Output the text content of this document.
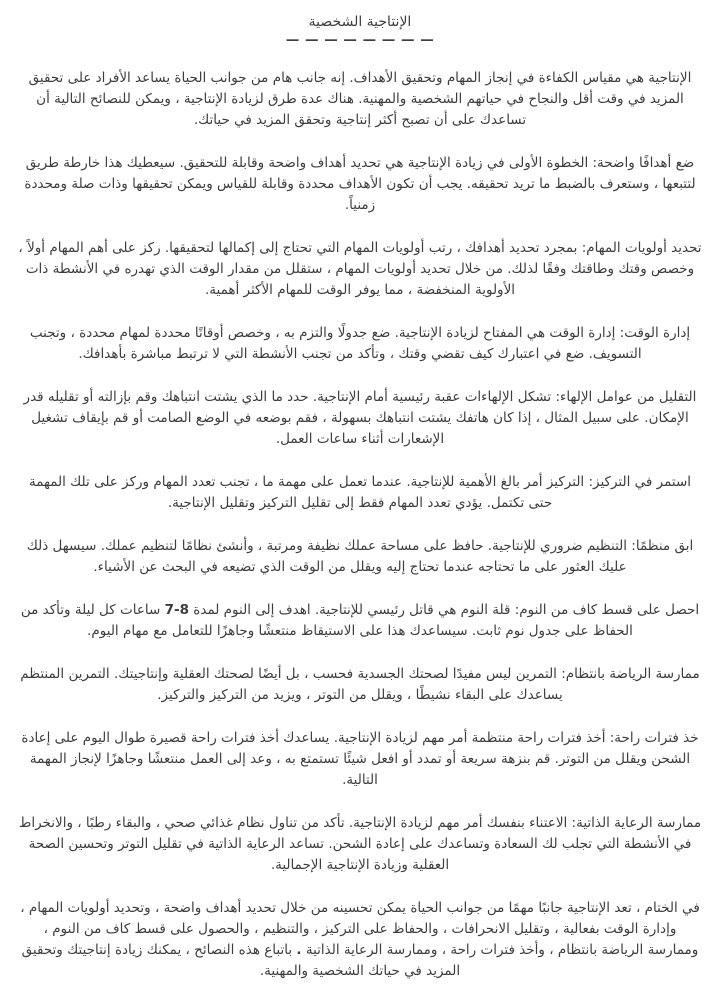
الإنتاجية الشخصية
— — — — — — — —

الإنتاجية هي مقياس الكفاءة في إنجاز المهام وتحقيق الأهداف. إنه جانب هام من جوانب الحياة يساعد الأفراد على تحقيق المزيد في وقت أقل والنجاح في حياتهم الشخصية والمهنية. هناك عدة طرق لزيادة الإنتاجية ، ويمكن للنصائح التالية أن تساعدك على أن تصبح أكثر إنتاجية وتحقق المزيد في حياتك.

ضع أهدافًا واضحة: الخطوة الأولى في زيادة الإنتاجية هي تحديد أهداف واضحة وقابلة للتحقيق. سيعطيك هذا خارطة طريق لتتبعها ، وستعرف بالضبط ما تريد تحقيقه. يجب أن تكون الأهداف محددة وقابلة للقياس ويمكن تحقيقها وذات صلة ومحددة زمنياً.

تحديد أولويات المهام: بمجرد تحديد أهدافك ، رتب أولويات المهام التي تحتاج إلى إكمالها لتحقيقها. ركز على أهم المهام أولاً ، وخصص وقتك وطاقتك وفقًا لذلك. من خلال تحديد أولويات المهام ، ستقلل من مقدار الوقت الذي تهدره في الأنشطة ذات الأولوية المنخفضة ، مما يوفر الوقت للمهام الأكثر أهمية.

إدارة الوقت: إدارة الوقت هي المفتاح لزيادة الإنتاجية. ضع جدولًا والتزم به ، وخصص أوقاتًا محددة لمهام محددة ، وتجنب التسويف. ضع في اعتبارك كيف تقضي وقتك ، وتأكد من تجنب الأنشطة التي لا ترتبط مباشرة بأهدافك.

التقليل من عوامل الإلهاء: تشكل الإلهاءات عقبة رئيسية أمام الإنتاجية. حدد ما الذي يشتت انتباهك وقم بإزالته أو تقليله قدر الإمكان. على سبيل المثال ، إذا كان هاتفك يشتت انتباهك بسهولة ، فقم بوضعه في الوضع الصامت أو قم بإيقاف تشغيل الإشعارات أثناء ساعات العمل.

استمر في التركيز: التركيز أمر بالغ الأهمية للإنتاجية. عندما تعمل على مهمة ما ، تجنب تعدد المهام وركز على تلك المهمة حتى تكتمل. يؤدي تعدد المهام فقط إلى تقليل التركيز وتقليل الإنتاجية.

ابق منظمًا: التنظيم ضروري للإنتاجية. حافظ على مساحة عملك نظيفة ومرتبة ، وأنشئ نظامًا لتنظيم عملك. سيسهل ذلك عليك العثور على ما تحتاجه عندما تحتاج إليه ويقلل من الوقت الذي تضيعه في البحث عن الأشياء.

احصل على قسط كاف من النوم: قلة النوم هي قاتل رئيسي للإنتاجية. اهدف إلى النوم لمدة 8-7 ساعات كل ليلة وتأكد من الحفاظ على جدول نوم ثابت. سيساعدك هذا على الاستيقاظ منتعشًا وجاهزًا للتعامل مع مهام اليوم.

ممارسة الرياضة بانتظام: التمرين ليس مفيدًا لصحتك الجسدية فحسب ، بل أيضًا لصحتك العقلية وإنتاجيتك. التمرين المنتظم يساعدك على البقاء نشيطًا ، ويقلل من التوتر ، ويزيد من التركيز والتركيز.

خذ فترات راحة: أخذ فترات راحة منتظمة أمر مهم لزيادة الإنتاجية. يساعدك أخذ فترات راحة قصيرة طوال اليوم على إعادة الشحن ويقلل من التوتر. قم بنزهة سريعة أو تمدد أو افعل شيئًا تستمتع به ، وعد إلى العمل منتعشًا وجاهزًا لإنجاز المهمة التالية.

ممارسة الرعاية الذاتية: الاعتناء بنفسك أمر مهم لزيادة الإنتاجية. تأكد من تناول نظام غذائي صحي ، والبقاء رطبًا ، والانخراط في الأنشطة التي تجلب لك السعادة وتساعدك على إعادة الشحن. تساعد الرعاية الذاتية في تقليل التوتر وتحسين الصحة العقلية وزيادة الإنتاجية الإجمالية.

في الختام ، تعد الإنتاجية جانبًا مهمًا من جوانب الحياة يمكن تحسينه من خلال تحديد أهداف واضحة ، وتحديد أولويات المهام ، وإدارة الوقت بفعالية ، وتقليل الانحرافات ، والحفاظ على التركيز ، والتنظيم ، والحصول على قسط كاف من النوم ، وممارسة الرياضة بانتظام ، وأخذ فترات راحة ، وممارسة الرعاية الذاتية . باتباع هذه النصائح ، يمكنك زيادة إنتاجيتك وتحقيق المزيد في حياتك الشخصية والمهنية.
